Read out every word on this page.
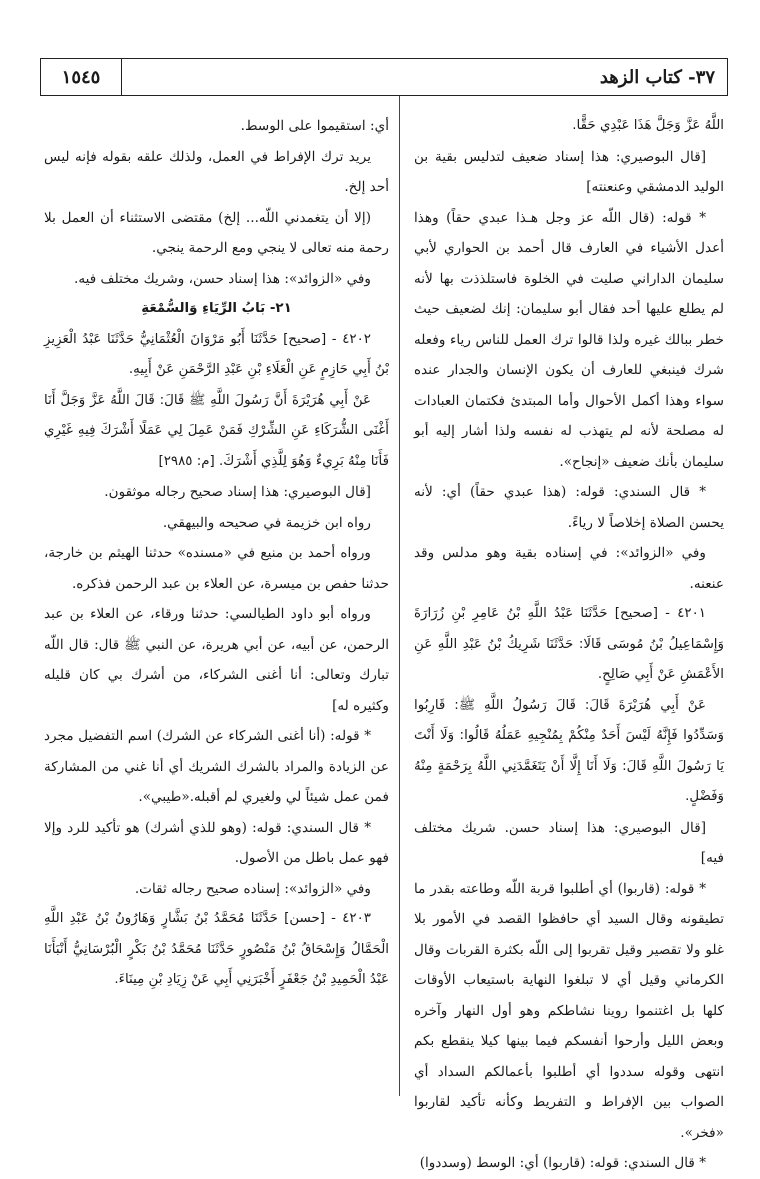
١٥٤٥	٣٧- كتاب الزهد

اللَّهُ عَزَّ وَجَلَّ هَذَا عَبْدِي حَقًّا.

[قال البوصيري: هذا إسناد ضعيف لتدليس بقية بن الوليد الدمشقي وعنعنته]

* قوله: (قال اللّه عز وجل هـذا عبدي حقاً) وهذا أعدل الأشياء في العارف قال أحمد بن الحواري لأبي سليمان الداراني صليت في الخلوة فاستلذذت بها لأنه لم يطلع عليها أحد فقال أبو سليمان: إنك لضعيف حيث خطر ببالك غيره ولذا قالوا ترك العمل للناس رياء وفعله شرك فينبغي للعارف أن يكون الإنسان والجدار عنده سواء وهذا أكمل الأحوال وأما المبتدئ فكتمان العبادات له مصلحة لأنه لم يتهذب له نفسه ولذا أشار إليه أبو سليمان بأنك ضعيف «إنجاح».

* قال السندي: قوله: (هذا عبدي حقاً) أي: لأنه يحسن الصلاة إخلاصاً لا رياءً.

وفي «الزوائد»: في إسناده بقية وهو مدلس وقد عنعنه.

٤٢٠١ - [صحيح] حَدَّثَنَا عَبْدُ اللَّهِ بْنُ عَامِرِ بْنِ زُرَارَةَ وَإِسْمَاعِيلُ بْنُ مُوسَى قَالَا: حَدَّثَنَا شَرِيكُ بْنُ عَبْدِ اللَّهِ عَنِ الأَعْمَشِ عَنْ أَبِي صَالِحٍ.

عَنْ أَبِي هُرَيْرَةَ قَالَ: قَالَ رَسُولُ اللَّهِ ﷺ: قَارِبُوا وَسَدِّدُوا فَإِنَّهُ لَيْسَ أَحَدٌ مِنْكُمْ بِمُنْجِيهِ عَمَلُهُ قَالُوا: وَلَا أَنْتَ يَا رَسُولَ اللَّهِ قَالَ: وَلَا أَنَا إِلَّا أَنْ يَتَغَمَّدَنِي اللَّهُ بِرَحْمَةٍ مِنْهُ وَفَضْلٍ.

[قال البوصيري: هذا إسناد حسن. شريك مختلف فيه]

* قوله: (قاربوا) أي أطلبوا قربة اللّه وطاعته بقدر ما تطيقونه وقال السيد أي حافظوا القصد في الأمور بلا غلو ولا تقصير وقيل تقربوا إلى اللّه بكثرة القربات وقال الكرماني وقيل أي لا تبلغوا النهاية باستيعاب الأوقات كلها بل اغتنموا روينا نشاطكم وهو أول النهار وآخره وبعض الليل وأرحوا أنفسكم فيما بينها كيلا ينقطع بكم انتهى وقوله سددوا أي أطلبوا بأعمالكم السداد أي الصواب بين الإفراط و التفريط وكأنه تأكيد لقاربوا «فخر».

* قال السندي: قوله: (قاربوا) أي: الوسط (وسددوا)

أي: استقيموا على الوسط.

يريد ترك الإفراط في العمل، ولذلك علقه بقوله فإنه ليس أحد إلخ.

(إلا أن يتغمدني اللّه... إلخ) مقتضى الاستثناء أن العمل بلا رحمة منه تعالى لا ينجي ومع الرحمة ينجي.

وفي «الزوائد»: هذا إسناد حسن، وشريك مختلف فيه.

٢١- بَابُ الرِّيَاءِ وَالسُّمْعَةِ

٤٢٠٢ - [صحيح] حَدَّثَنَا أَبُو مَرْوَانَ الْعُثْمَانِيُّ حَدَّثَنَا عَبْدُ الْعَزِيزِ بْنُ أَبِي حَازِمٍ عَنِ الْعَلَاءِ بْنِ عَبْدِ الرَّحْمَنِ عَنْ أَبِيهِ.

عَنْ أَبِي هُرَيْرَةَ أَنَّ رَسُولَ اللَّهِ ﷺ قَالَ: قَالَ اللَّهُ عَزَّ وَجَلَّ أَنَا أَغْنَى الشُّرَكَاءِ عَنِ الشِّرْكِ فَمَنْ عَمِلَ لِي عَمَلًا أَشْرَكَ فِيهِ غَيْرِي فَأَنَا مِنْهُ بَرِيءٌ وَهُوَ لِلَّذِي أَشْرَكَ. [م: ٢٩٨٥]

[قال البوصيري: هذا إسناد صحيح رجاله موثقون.

رواه ابن خزيمة في صحيحه والبيهقي.

ورواه أحمد بن منيع في «مسنده» حدثنا الهيثم بن خارجة، حدثنا حفص بن ميسرة، عن العلاء بن عبد الرحمن فذكره.

ورواه أبو داود الطيالسي: حدثنا ورقاء، عن العلاء بن عبد الرحمن، عن أبيه، عن أبي هريرة، عن النبي ﷺ قال: قال اللّه تبارك وتعالى: أنا أغنى الشركاء، من أشرك بي كان قليله وكثيره له]

* قوله: (أنا أغنى الشركاء عن الشرك) اسم التفضيل مجرد عن الزيادة والمراد بالشرك الشريك أي أنا غني من المشاركة فمن عمل شيئاً لي ولغيري لم أقبله.«طيبي».

* قال السندي: قوله: (وهو للذي أشرك) هو تأكيد للرد وإلا فهو عمل باطل من الأصول.

وفي «الزوائد»: إسناده صحيح رجاله ثقات.

٤٢٠٣ - [حسن] حَدَّثَنَا مُحَمَّدُ بْنُ بَشَّارٍ وَهَارُونُ بْنُ عَبْدِ اللَّهِ الْحَمَّالُ وَإِسْحَاقُ بْنُ مَنْصُورٍ حَدَّثَنَا مُحَمَّدُ بْنُ بَكْرٍ الْبُرْسَانِيُّ أَنْبَأَنَا عَبْدُ الْحَمِيدِ بْنُ جَعْفَرٍ أَخْبَرَنِي أَبِي عَنْ زِيَادِ بْنِ مِينَاءَ.
